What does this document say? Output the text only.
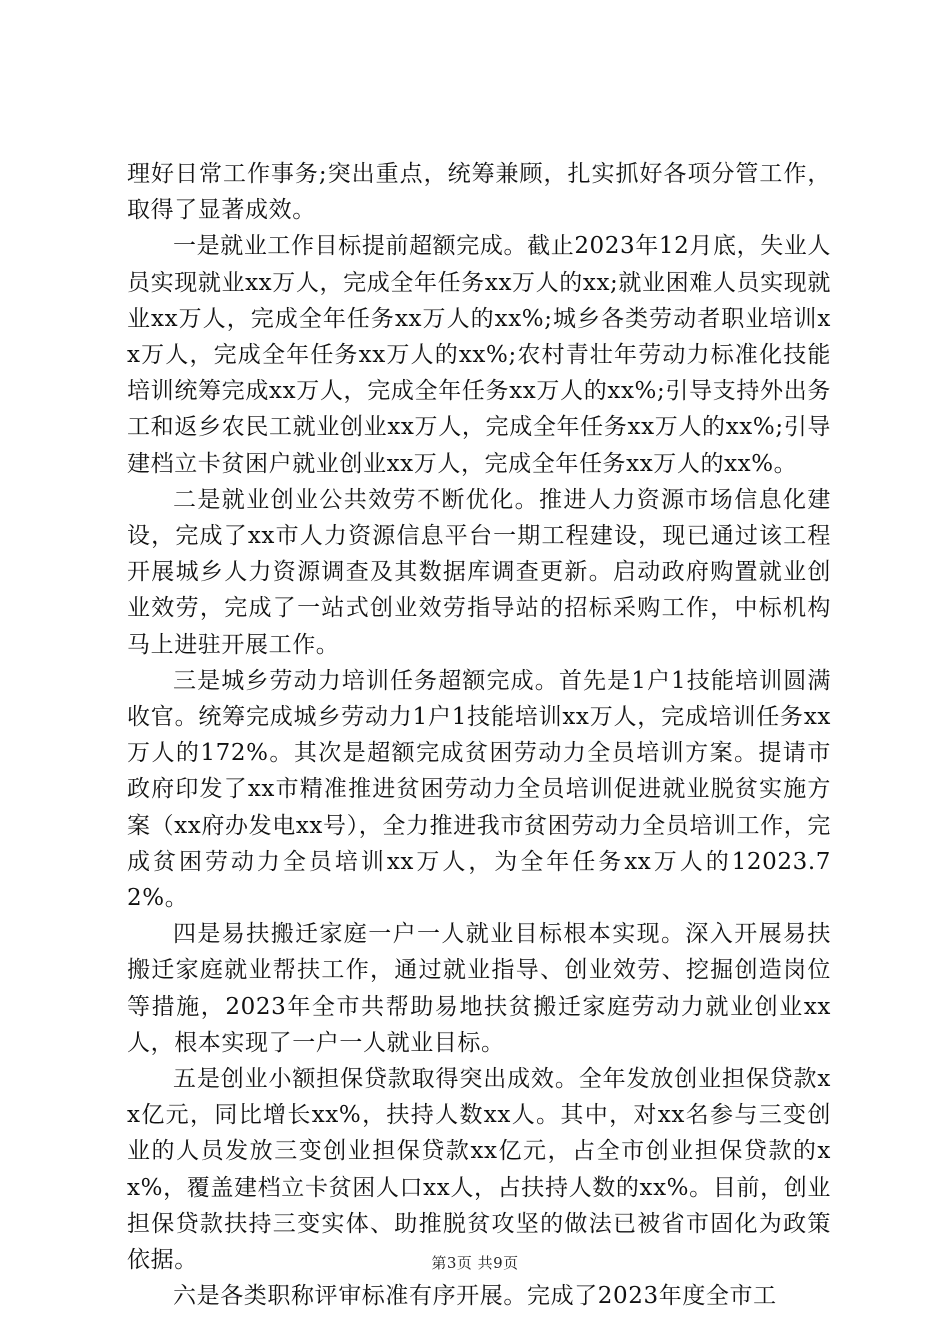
理好日常工作事务;突出重点，统筹兼顾，扎实抓好各项分管工作，取得了显著成效。

一是就业工作目标提前超额完成。截止2023年12月底，失业人员实现就业xx万人，完成全年任务xx万人的xx;就业困难人员实现就业xx万人，完成全年任务xx万人的xx%;城乡各类劳动者职业培训xx万人，完成全年任务xx万人的xx%;农村青壮年劳动力标准化技能培训统筹完成xx万人，完成全年任务xx万人的xx%;引导支持外出务工和返乡农民工就业创业xx万人，完成全年任务xx万人的xx%;引导建档立卡贫困户就业创业xx万人，完成全年任务xx万人的xx%。

二是就业创业公共效劳不断优化。推进人力资源市场信息化建设，完成了xx市人力资源信息平台一期工程建设，现已通过该工程开展城乡人力资源调查及其数据库调查更新。启动政府购置就业创业效劳，完成了一站式创业效劳指导站的招标采购工作，中标机构马上进驻开展工作。

三是城乡劳动力培训任务超额完成。首先是1户1技能培训圆满收官。统筹完成城乡劳动力1户1技能培训xx万人，完成培训任务xx万人的172%。其次是超额完成贫困劳动力全员培训方案。提请市政府印发了xx市精准推进贫困劳动力全员培训促进就业脱贫实施方案（xx府办发电xx号），全力推进我市贫困劳动力全员培训工作，完成贫困劳动力全员培训xx万人，为全年任务xx万人的12023.72%。

四是易扶搬迁家庭一户一人就业目标根本实现。深入开展易扶搬迁家庭就业帮扶工作，通过就业指导、创业效劳、挖掘创造岗位等措施，2023年全市共帮助易地扶贫搬迁家庭劳动力就业创业xx人，根本实现了一户一人就业目标。

五是创业小额担保贷款取得突出成效。全年发放创业担保贷款xx亿元，同比增长xx%，扶持人数xx人。其中，对xx名参与三变创业的人员发放三变创业担保贷款xx亿元，占全市创业担保贷款的xx%，覆盖建档立卡贫困人口xx人，占扶持人数的xx%。目前，创业担保贷款扶持三变实体、助推脱贫攻坚的做法已被省市固化为政策依据。

六是各类职称评审标准有序开展。完成了2023年度全市工

第3页 共9页
